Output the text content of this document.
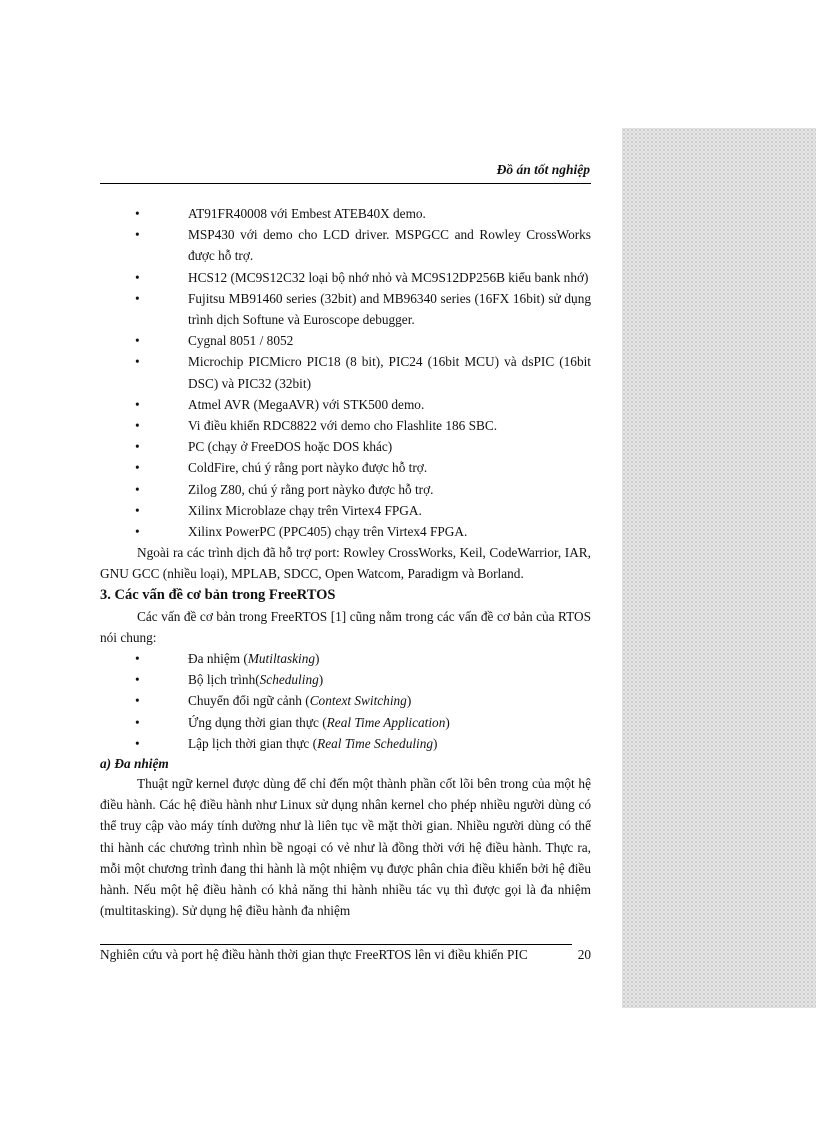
Đồ án tốt nghiệp
• AT91FR40008 với Embest ATEB40X demo.
• MSP430 với demo cho LCD driver. MSPGCC and Rowley CrossWorks được hỗ trợ.
• HCS12 (MC9S12C32 loại bộ nhớ nhỏ và MC9S12DP256B kiểu bank nhớ)
• Fujitsu MB91460 series (32bit) and MB96340 series (16FX 16bit) sử dụng trình dịch Softune và Euroscope debugger.
• Cygnal 8051 / 8052
• Microchip PICMicro PIC18 (8 bit), PIC24 (16bit MCU) và dsPIC (16bit DSC) và PIC32 (32bit)
• Atmel AVR (MegaAVR) với STK500 demo.
• Vi điều khiển RDC8822 với demo cho Flashlite 186 SBC.
• PC (chạy ở FreeDOS hoặc DOS khác)
• ColdFire, chú ý rằng port nàyko được hỗ trợ.
• Zilog Z80, chú ý rằng port nàyko được hỗ trợ.
• Xilinx Microblaze chạy trên Virtex4 FPGA.
• Xilinx PowerPC (PPC405) chạy trên Virtex4 FPGA.

Ngoài ra các trình dịch đã hỗ trợ port: Rowley CrossWorks, Keil, CodeWarrior, IAR, GNU GCC (nhiều loại), MPLAB, SDCC, Open Watcom, Paradigm và Borland.

3. Các vấn đề cơ bản trong FreeRTOS

Các vấn đề cơ bản trong FreeRTOS [1] cũng nằm trong các vấn đề cơ bản của RTOS nói chung:

• Đa nhiệm (Mutiltasking)
• Bộ lịch trình(Scheduling)
• Chuyển đổi ngữ cảnh (Context Switching)
• Ứng dụng thời gian thực (Real Time Application)
• Lập lịch thời gian thực (Real Time Scheduling)
a) Đa nhiệm

Thuật ngữ kernel được dùng để chỉ đến một thành phần cốt lõi bên trong của một hệ điều hành. Các hệ điều hành như Linux sử dụng nhân kernel cho phép nhiều người dùng có thể truy cập vào máy tính dường như là liên tục về mặt thời gian. Nhiều người dùng có thể thi hành các chương trình nhìn bề ngoại có vẻ như là đồng thời với hệ điều hành. Thực ra, mỗi một chương trình đang thi hành là một nhiệm vụ được phân chia điều khiển bởi hệ điều hành. Nếu một hệ điều hành có khả năng thi hành nhiều tác vụ thì được gọi là đa nhiệm (multitasking). Sử dụng hệ điều hành đa nhiệm

Nghiên cứu và port hệ điều hành thời gian thực FreeRTOS lên vi điều khiển PIC	20
